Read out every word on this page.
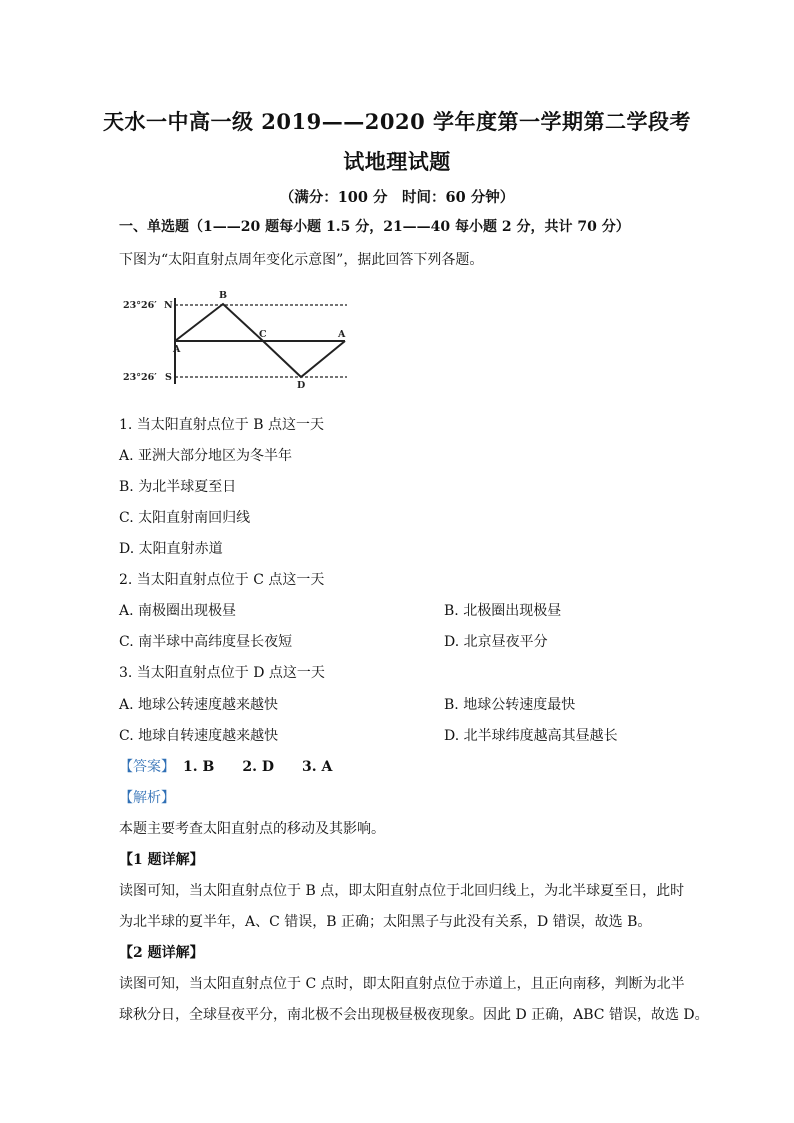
天水一中高一级 2019——2020 学年度第一学期第二学段考
试地理试题
（满分：100 分　时间：60 分钟）
一、单选题（1——20 题每小题 1.5 分，21——40 每小题 2 分，共计 70 分）
下图为“太阳直射点周年变化示意图”，据此回答下列各题。
23°26′
23°26′
N
S
A
B
C	A
D
1. 当太阳直射点位于 B 点这一天
A. 亚洲大部分地区为冬半年
B. 为北半球夏至日
C. 太阳直射南回归线
D. 太阳直射赤道
2. 当太阳直射点位于 C 点这一天
A. 南极圈出现极昼	B. 北极圈出现极昼
C. 南半球中高纬度昼长夜短	D. 北京昼夜平分
3. 当太阳直射点位于 D 点这一天
A. 地球公转速度越来越快	B. 地球公转速度最快
C. 地球自转速度越来越快	D. 北半球纬度越高其昼越长
【答案】 1. B 2. D 3. A
【解析】
本题主要考查太阳直射点的移动及其影响。
【1 题详解】
读图可知，当太阳直射点位于 B 点，即太阳直射点位于北回归线上，为北半球夏至日，此时
为北半球的夏半年，A、C 错误，B 正确；太阳黑子与此没有关系，D 错误，故选 B。
【2 题详解】
读图可知，当太阳直射点位于 C 点时，即太阳直射点位于赤道上，且正向南移，判断为北半
球秋分日，全球昼夜平分，南北极不会出现极昼极夜现象。因此 D 正确，ABC 错误，故选 D。
